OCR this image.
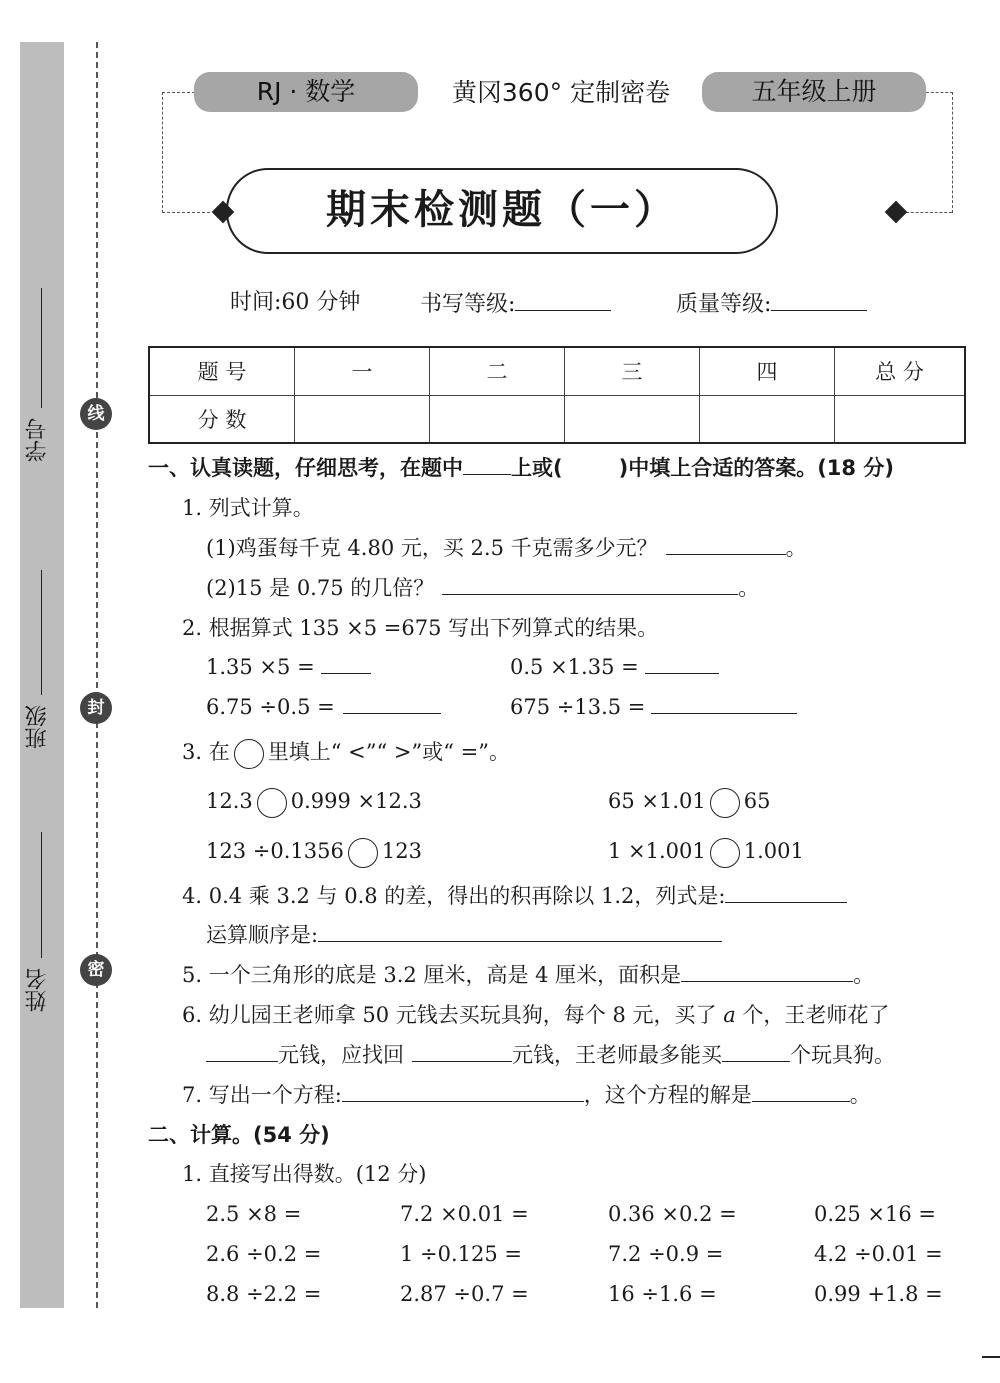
学号
班级
姓名
线
封
密
RJ · 数学	黄冈360° 定制密卷	五年级上册
期末检测题（一）
时间:60 分钟	书写等级:	质量等级:
题 号	一	二	三	四	总 分
分 数					
一、认真读题，仔细思考，在题中 上或(	)中填上合适的答案。(18 分)
1. 列式计算。
(1)鸡蛋每千克 4.80 元，买 2.5 千克需多少元？	。
(2)15 是 0.75 的几倍？	。
2. 根据算式 135 ×5 =675 写出下列算式的结果。
1.35 ×5 =	0.5 ×1.35 =
6.75 ÷0.5 =	675 ÷13.5 =
3. 在 里填上“ <”“ >”或“ =”。
12.3 0.999 ×12.3	65 ×1.01 65
123 ÷0.1356 123	1 ×1.001 1.001
4. 0.4 乘 3.2 与 0.8 的差，得出的积再除以 1.2，列式是:
运算顺序是:
5. 一个三角形的底是 3.2 厘米，高是 4 厘米，面积是	。
6. 幼儿园王老师拿 50 元钱去买玩具狗，每个 8 元，买了 a 个，王老师花了
元钱，应找回	元钱，王老师最多能买	个玩具狗。
7. 写出一个方程:	，这个方程的解是	。
二、计算。(54 分)
1. 直接写出得数。(12 分)
2.5 ×8 =	7.2 ×0.01 =	0.36 ×0.2 =	0.25 ×16 =
2.6 ÷0.2 =	1 ÷0.125 =	7.2 ÷0.9 =	4.2 ÷0.01 =
8.8 ÷2.2 =	2.87 ÷0.7 =	16 ÷1.6 =	0.99 +1.8 =
